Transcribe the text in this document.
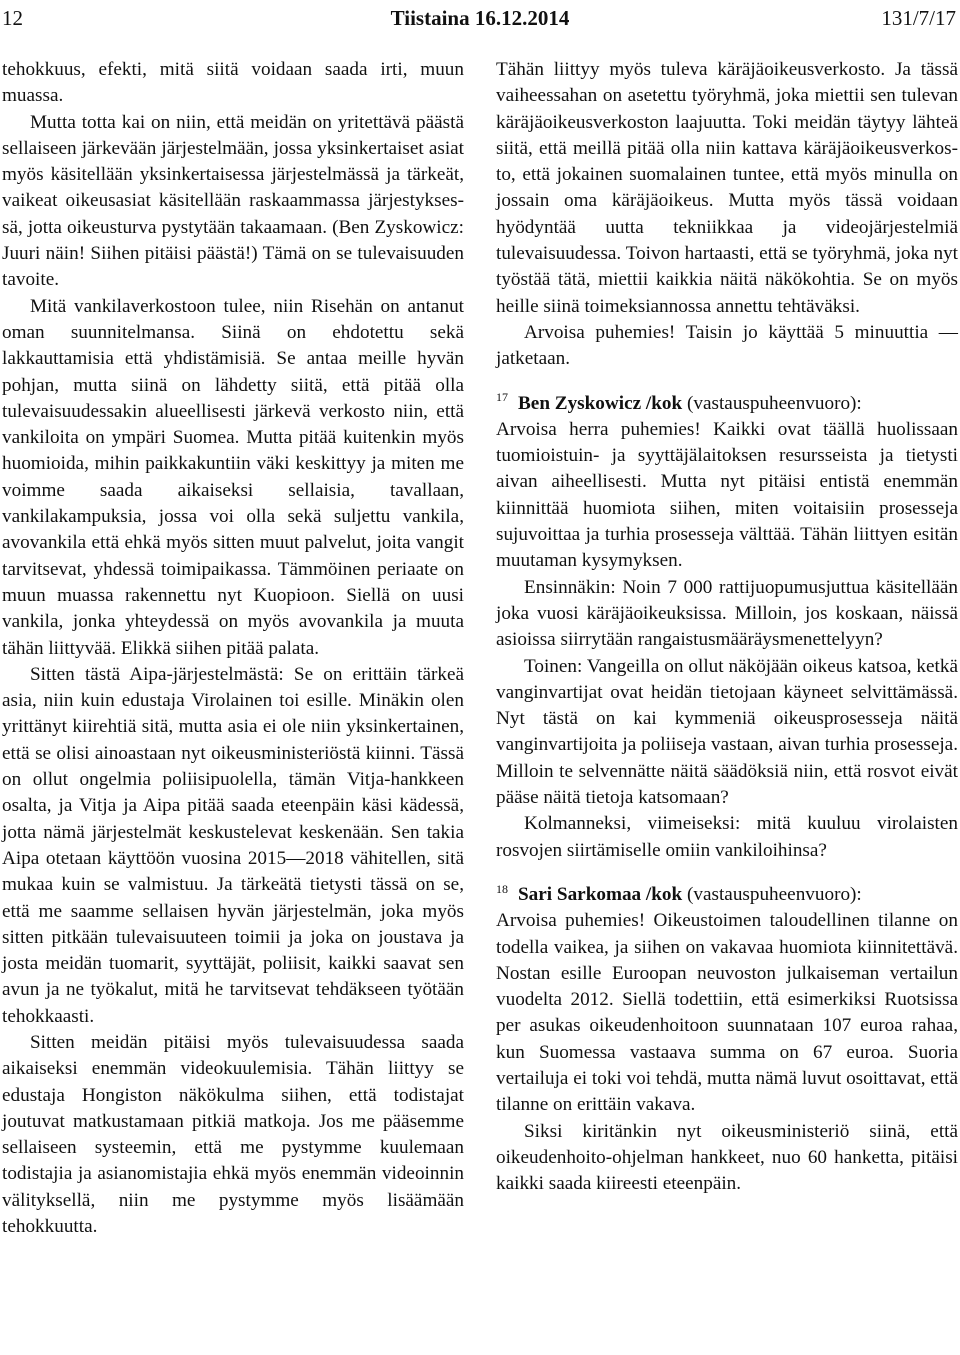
12	Tiistaina 16.12.2014	131/7/17

tehokkuus, efekti, mitä siitä voidaan saada irti, muun muassa.

Mutta totta kai on niin, että meidän on yritettävä päästä sellaiseen järkevään järjestelmään, jossa yksinkertaiset asiat myös käsitellään yksinkertaisessa järjestelmässä ja tärkeät, vaikeat oikeusasiat käsitellään raskaammassa järjestyksessä, jotta oikeusturva pystytään takaamaan. (Ben Zyskowicz: Juuri näin! Siihen pitäisi päästä!) Tämä on se tulevaisuuden tavoite.

Mitä vankilaverkostoon tulee, niin Risehän on antanut oman suunnitelmansa. Siinä on ehdotettu sekä lakkauttamisia että yhdistämisiä. Se antaa meille hyvän pohjan, mutta siinä on lähdetty siitä, että pitää olla tulevaisuudessakin alueellisesti järkevä verkosto niin, että vankiloita on ympäri Suomea. Mutta pitää kuitenkin myös huomioida, mihin paikkakuntiin väki keskittyy ja miten me voimme saada aikaiseksi sellaisia, tavallaan, vankilakampuksia, jossa voi olla sekä suljettu vankila, avovankila että ehkä myös sitten muut palvelut, joita vangit tarvitsevat, yhdessä toimipaikassa. Tämmöinen periaate on muun muassa rakennettu nyt Kuopioon. Siellä on uusi vankila, jonka yhteydessä on myös avovankila ja muuta tähän liittyvää. Elikkä siihen pitää palata.

Sitten tästä Aipa-järjestelmästä: Se on erittäin tärkeä asia, niin kuin edustaja Virolainen toi esille. Minäkin olen yrittänyt kiirehtiä sitä, mutta asia ei ole niin yksinkertainen, että se olisi ainoastaan nyt oikeusministeriöstä kiinni. Tässä on ollut ongelmia poliisipuolella, tämän Vitja-hankkeen osalta, ja Vitja ja Aipa pitää saada eteenpäin käsi kädessä, jotta nämä järjestelmät keskustelevat keskenään. Sen takia Aipa otetaan käyttöön vuosina 2015—2018 vähitellen, sitä mukaa kuin se valmistuu. Ja tärkeätä tietysti tässä on se, että me saamme sellaisen hyvän järjestelmän, joka myös sitten pitkään tulevaisuuteen toimii ja joka on joustava ja josta meidän tuomarit, syyttäjät, poliisit, kaikki saavat sen avun ja ne työkalut, mitä he tarvitsevat tehdäkseen työtään tehokkaasti.

Sitten meidän pitäisi myös tulevaisuudessa saada aikaiseksi enemmän videokuulemisia. Tähän liittyy se edustaja Hongiston näkökulma siihen, että todistajat joutuvat matkustamaan pitkiä matkoja. Jos me pääsemme sellaiseen systeemin, että me pystymme kuulemaan todistajia ja asianomistajia ehkä myös enemmän videoinnin välityksellä, niin me pystymme myös lisäämään tehokkuutta.

Tähän liittyy myös tuleva käräjäoikeusverkosto. Ja tässä vaiheessahan on asetettu työryhmä, joka miettii sen tulevan käräjäoikeusverkoston laajuutta. Toki meidän täytyy lähteä siitä, että meillä pitää olla niin kattava käräjäoikeusverkosto, että jokainen suomalainen tuntee, että myös minulla on jossain oma käräjäoikeus. Mutta myös tässä voidaan hyödyntää uutta tekniikkaa ja videojärjestelmiä tulevaisuudessa. Toivon hartaasti, että se työryhmä, joka nyt työstää tätä, miettii kaikkia näitä näkökohtia. Se on myös heille siinä toimeksiannossa annettu tehtäväksi.

Arvoisa puhemies! Taisin jo käyttää 5 minuuttia — jatketaan.

$^{17}$ Ben Zyskowicz /kok (vastauspuheenvuoro):

Arvoisa herra puhemies! Kaikki ovat täällä huolissaan tuomioistuin- ja syyttäjälaitoksen resursseista ja tietysti aivan aiheellisesti. Mutta nyt pitäisi entistä enemmän kiinnittää huomiota siihen, miten voitaisiin prosesseja sujuvoittaa ja turhia prosesseja välttää. Tähän liittyen esitän muutaman kysymyksen.

Ensinnäkin: Noin 7 000 rattijuopumusjuttua käsitellään joka vuosi käräjäoikeuksissa. Milloin, jos koskaan, näissä asioissa siirrytään rangaistusmääräysmenettelyyn?

Toinen: Vangeilla on ollut näköjään oikeus katsoa, ketkä vanginvartijat ovat heidän tietojaan käyneet selvittämässä. Nyt tästä on kai kymmeniä oikeusprosesseja näitä vanginvartijoita ja poliiseja vastaan, aivan turhia prosesseja. Milloin te selvennätte näitä säädöksiä niin, että rosvot eivät pääse näitä tietoja katsomaan?

Kolmanneksi, viimeiseksi: mitä kuuluu virolaisten rosvojen siirtämiselle omiin vankiloihinsa?

$^{18}$ Sari Sarkomaa /kok (vastauspuheenvuoro):

Arvoisa puhemies! Oikeustoimen taloudellinen tilanne on todella vaikea, ja siihen on vakavaa huomiota kiinnitettävä. Nostan esille Euroopan neuvoston julkaiseman vertailun vuodelta 2012. Siellä todettiin, että esimerkiksi Ruotsissa per asukas oikeudenhoitoon suunnataan 107 euroa rahaa, kun Suomessa vastaava summa on 67 euroa. Suoria vertailuja ei toki voi tehdä, mutta nämä luvut osoittavat, että tilanne on erittäin vakava.

Siksi kiritänkin nyt oikeusministeriö siinä, että oikeudenhoito-ohjelman hankkeet, nuo 60 hanketta, pitäisi kaikki saada kiireesti eteenpäin.
